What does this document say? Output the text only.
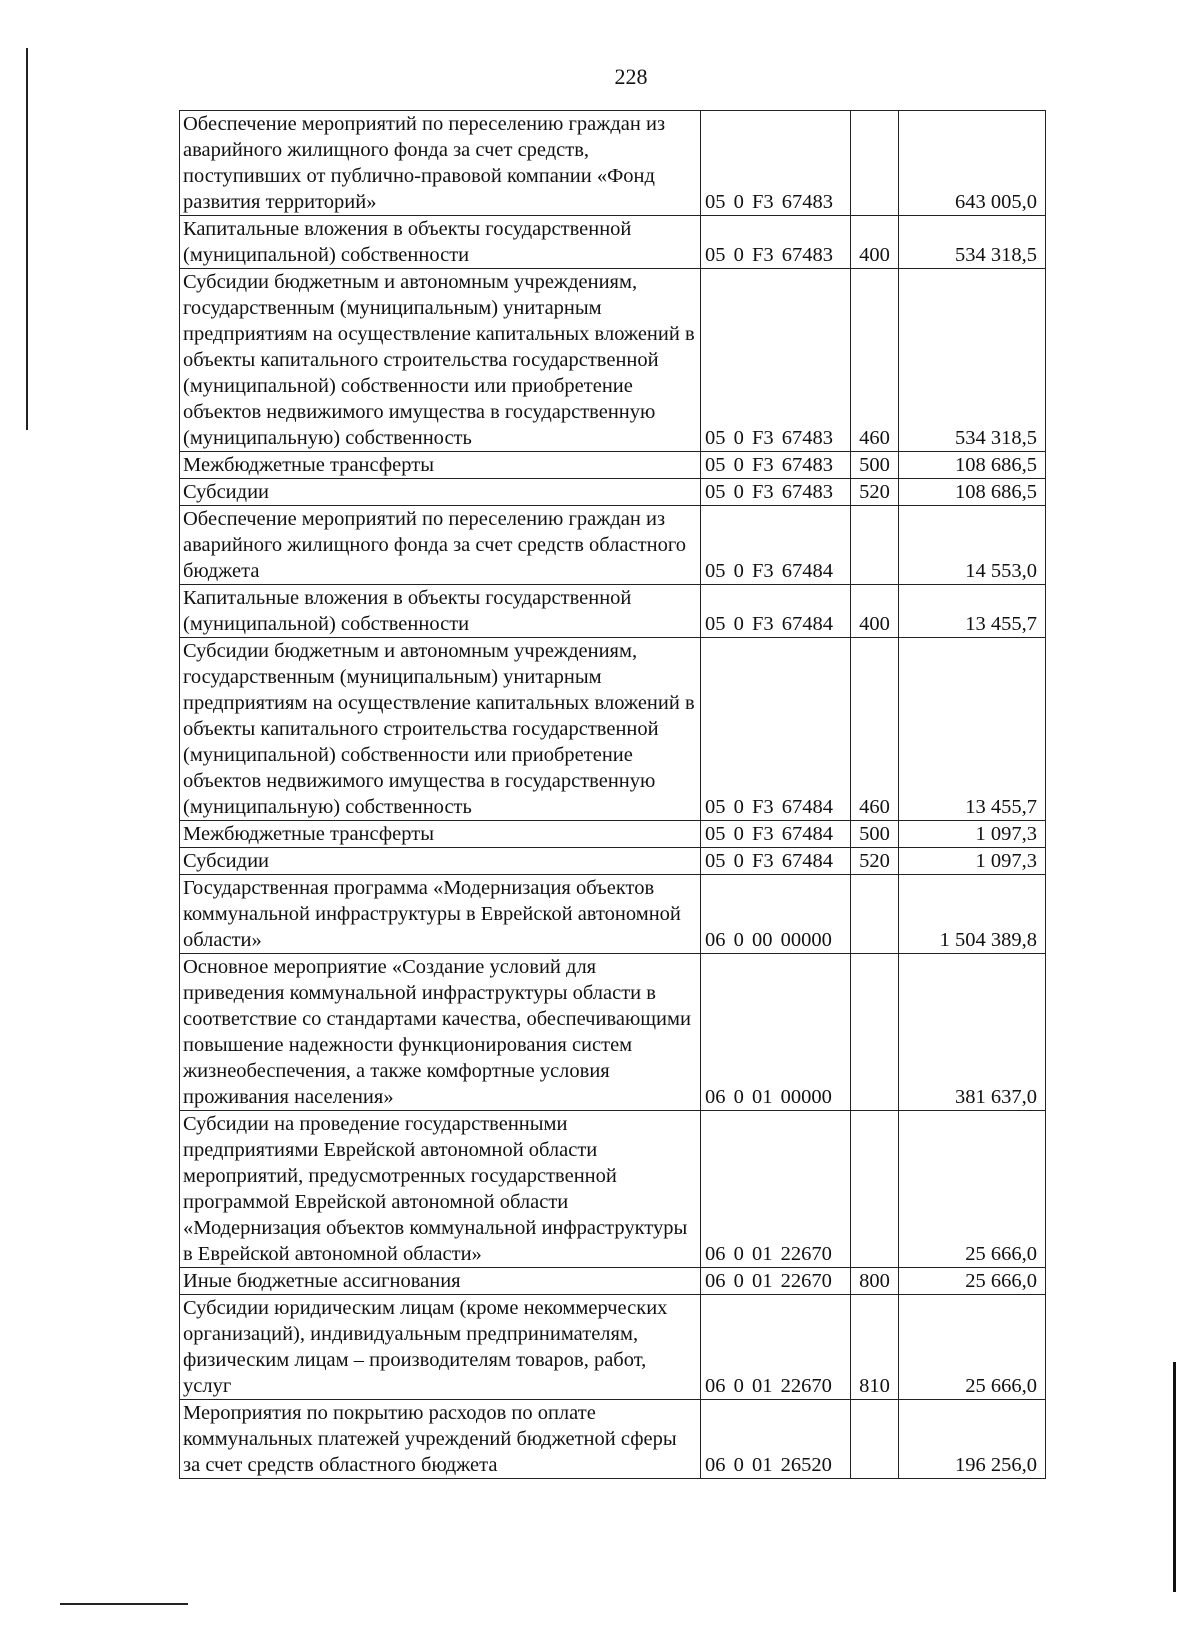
228
Обеспечение мероприятий по переселению граждан из аварийного жилищного фонда за счет средств, поступивших от публично-правовой компании «Фонд развития территорий»	05 0 F3 67483		643 005,0
Капитальные вложения в объекты государственной (муниципальной) собственности	05 0 F3 67483	400	534 318,5
Субсидии бюджетным и автономным учреждениям, государственным (муниципальным) унитарным предприятиям на осуществление капитальных вложений в объекты капитального строительства государственной (муниципальной) собственности или приобретение объектов недвижимого имущества в государственную (муниципальную) собственность	05 0 F3 67483	460	534 318,5
Межбюджетные трансферты	05 0 F3 67483	500	108 686,5
Субсидии	05 0 F3 67483	520	108 686,5
Обеспечение мероприятий по переселению граждан из аварийного жилищного фонда за счет средств областного бюджета	05 0 F3 67484		14 553,0
Капитальные вложения в объекты государственной (муниципальной) собственности	05 0 F3 67484	400	13 455,7
Субсидии бюджетным и автономным учреждениям, государственным (муниципальным) унитарным предприятиям на осуществление капитальных вложений в объекты капитального строительства государственной (муниципальной) собственности или приобретение объектов недвижимого имущества в государственную (муниципальную) собственность	05 0 F3 67484	460	13 455,7
Межбюджетные трансферты	05 0 F3 67484	500	1 097,3
Субсидии	05 0 F3 67484	520	1 097,3
Государственная программа «Модернизация объектов коммунальной инфраструктуры в Еврейской автономной области»	06 0 00 00000		1 504 389,8
Основное мероприятие «Создание условий для приведения коммунальной инфраструктуры области в соответствие со стандартами качества, обеспечивающими повышение надежности функционирования систем жизнеобеспечения, а также комфортные условия проживания населения»	06 0 01 00000		381 637,0
Субсидии на проведение государственными предприятиями Еврейской автономной области мероприятий, предусмотренных государственной программой Еврейской автономной области «Модернизация объектов коммунальной инфраструктуры в Еврейской автономной области»	06 0 01 22670		25 666,0
Иные бюджетные ассигнования	06 0 01 22670	800	25 666,0
Субсидии юридическим лицам (кроме некоммерческих организаций), индивидуальным предпринимателям, физическим лицам – производителям товаров, работ, услуг	06 0 01 22670	810	25 666,0
Мероприятия по покрытию расходов по оплате коммунальных платежей учреждений бюджетной сферы за счет средств областного бюджета	06 0 01 26520		196 256,0
